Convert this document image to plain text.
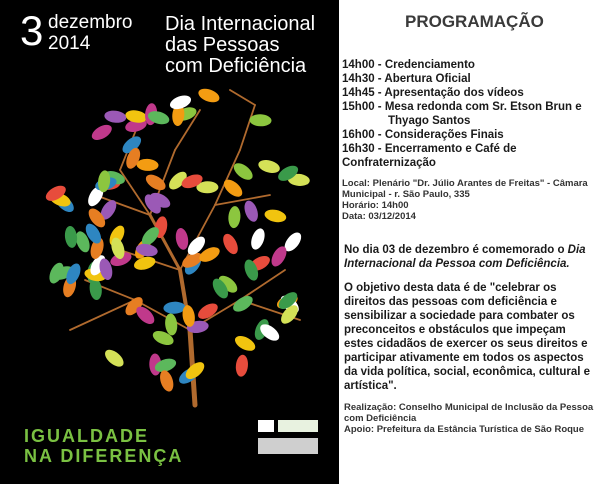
3 dezembro
2014
Dia Internacional
das Pessoas
com Deficiência
IGUALDADE
NA DIFERENÇA
PROGRAMAÇÃO
14h00 - Credenciamento
14h30 - Abertura Oficial
14h45 - Apresentação dos vídeos
15h00 - Mesa redonda com Sr. Etson Brun e
Thyago Santos
16h00 - Considerações Finais
16h30 - Encerramento e Café de
Confraternização
Local: Plenário "Dr. Júlio Arantes de Freitas" - Câmara
Municipal - r. São Paulo, 335
Horário: 14h00
Data: 03/12/2014
No dia 03 de dezembro é comemorado o Dia Internacional da Pessoa com Deficiência.
O objetivo desta data é de "celebrar os
direitos das pessoas com deficiência e
sensibilizar a sociedade para combater os
preconceitos e obstáculos que impeçam
estes cidadãos de exercer os seus direitos e
participar ativamente em todos os aspectos
da vida política, social, econômica, cultural e
artística".
Realização: Conselho Municipal de Inclusão da Pessoa
com Deficiência
Apoio: Prefeitura da Estância Turística de São Roque
